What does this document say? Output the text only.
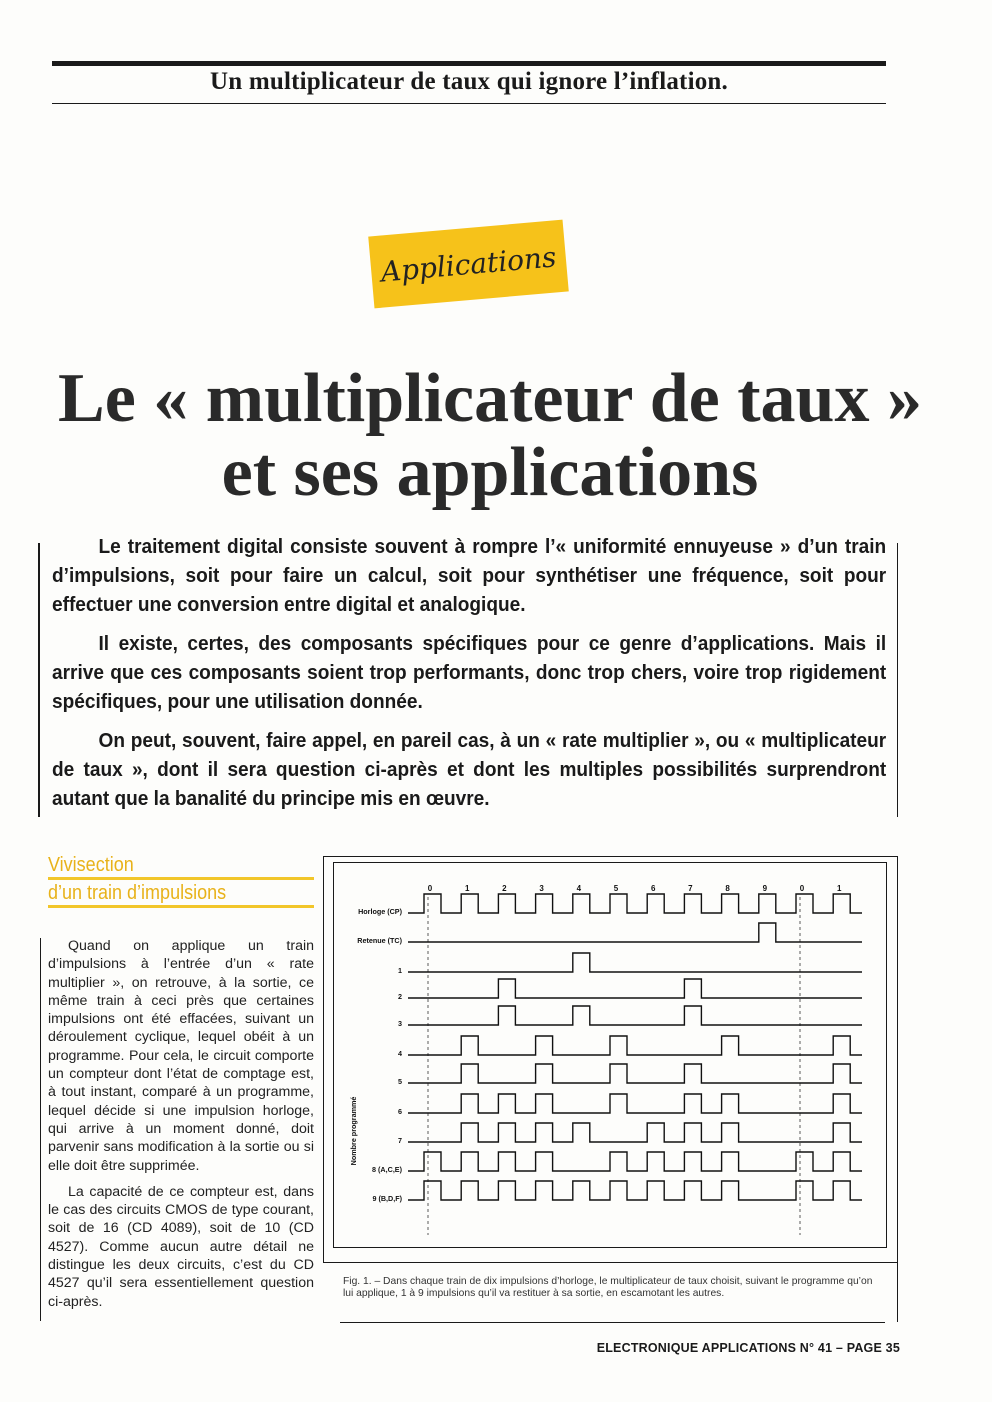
Un multiplicateur de taux qui ignore l’inflation.
Applications
Le « multiplicateur de taux »
et ses applications

Le traitement digital consiste souvent à rompre l’« uniformité ennuyeuse » d’un train d’impulsions, soit pour faire un calcul, soit pour synthétiser une fréquence, soit pour effectuer une conversion entre digital et analogique.

Il existe, certes, des composants spécifiques pour ce genre d’applications. Mais il arrive que ces composants soient trop performants, donc trop chers, voire trop rigidement spécifiques, pour une utilisation donnée.

On peut, souvent, faire appel, en pareil cas, à un « rate multiplier », ou « multiplicateur de taux », dont il sera question ci-après et dont les multiples possibilités surprendront autant que la banalité du principe mis en œuvre.

Vivisection
d’un train d’impulsions

Quand on applique un train d’impulsions à l’entrée d’un « rate multiplier », on retrouve, à la sortie, ce même train à ceci près que certaines impulsions ont été effacées, suivant un déroulement cyclique, lequel obéit à un programme. Pour cela, le circuit comporte un compteur dont l’état de comptage est, à tout instant, comparé à un programme, lequel décide si une impulsion horloge, qui arrive à un moment donné, doit parvenir sans modification à la sortie ou si elle doit être supprimée.

La capacité de ce compteur est, dans le cas des circuits CMOS de type courant, soit de 16 (CD 4089), soit de 10 (CD 4527). Comme aucun autre détail ne distingue les deux circuits, c’est du CD 4527 qu’il sera essentiellement question ci-après.

0	1	2	3	4	5	6	7	8	9	0	1
Horloge (CP)
Retenue (TC)
1
2
3
4
5
6
7
8 (A,C,E)
9 (B,D,F)
Nombre programmé
Fig. 1. – Dans chaque train de dix impulsions d’horloge, le multiplicateur de taux choisit, suivant le programme qu’on lui applique, 1 à 9 impulsions qu’il va restituer à sa sortie, en escamotant les autres.
ELECTRONIQUE APPLICATIONS N° 41 – PAGE 35
